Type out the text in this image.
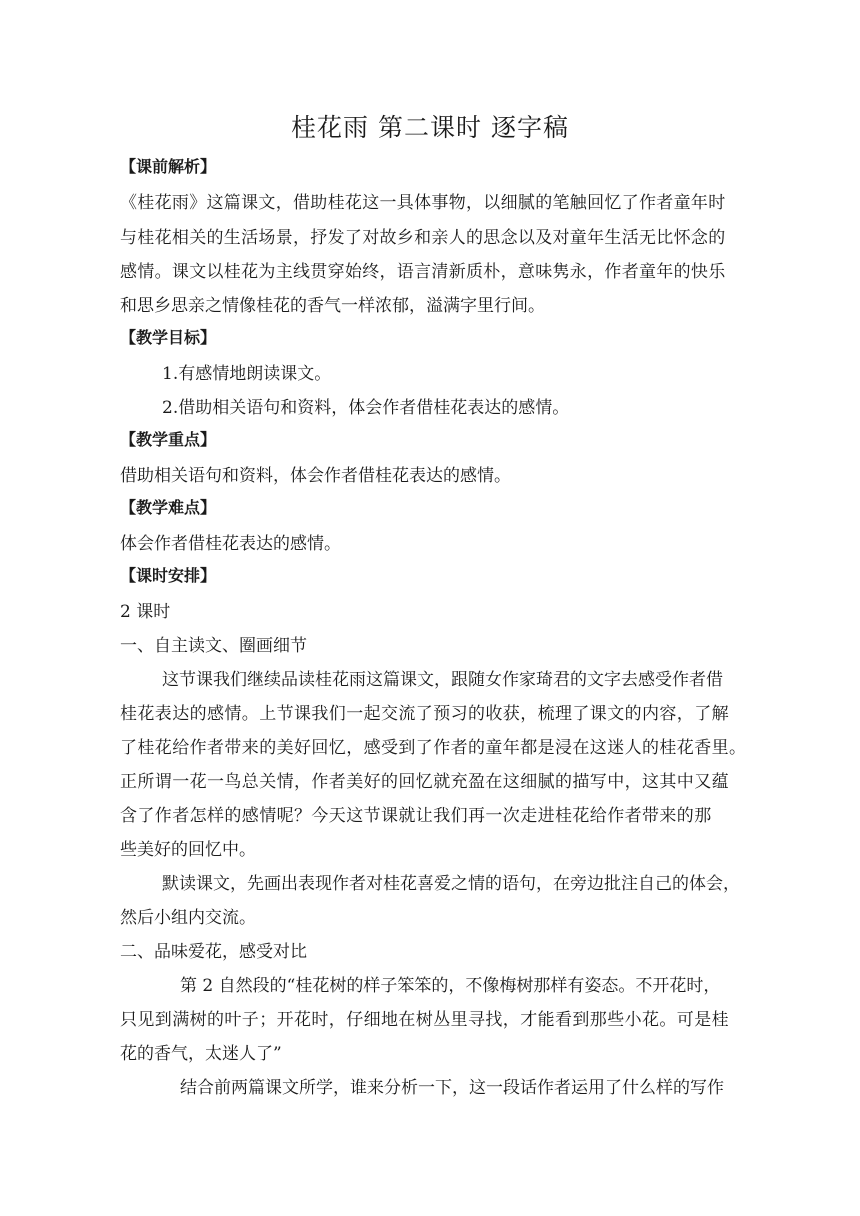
桂花雨 第二课时 逐字稿
【课前解析】
《桂花雨》这篇课文，借助桂花这一具体事物，以细腻的笔触回忆了作者童年时
与桂花相关的生活场景，抒发了对故乡和亲人的思念以及对童年生活无比怀念的
感情。课文以桂花为主线贯穿始终，语言清新质朴，意味隽永，作者童年的快乐
和思乡思亲之情像桂花的香气一样浓郁，溢满字里行间。
【教学目标】
1.有感情地朗读课文。
2.借助相关语句和资料，体会作者借桂花表达的感情。
【教学重点】
借助相关语句和资料，体会作者借桂花表达的感情。
【教学难点】
体会作者借桂花表达的感情。
【课时安排】
2 课时
一、自主读文、圈画细节
这节课我们继续品读桂花雨这篇课文，跟随女作家琦君的文字去感受作者借
桂花表达的感情。上节课我们一起交流了预习的收获，梳理了课文的内容，了解
了桂花给作者带来的美好回忆，感受到了作者的童年都是浸在这迷人的桂花香里。
正所谓一花一鸟总关情，作者美好的回忆就充盈在这细腻的描写中，这其中又蕴
含了作者怎样的感情呢？今天这节课就让我们再一次走进桂花给作者带来的那
些美好的回忆中。
默读课文，先画出表现作者对桂花喜爱之情的语句，在旁边批注自己的体会，
然后小组内交流。
二、品味爱花，感受对比
第 2 自然段的“桂花树的样子笨笨的，不像梅树那样有姿态。不开花时，
只见到满树的叶子；开花时，仔细地在树丛里寻找，才能看到那些小花。可是桂
花的香气，太迷人了”
结合前两篇课文所学，谁来分析一下，这一段话作者运用了什么样的写作
